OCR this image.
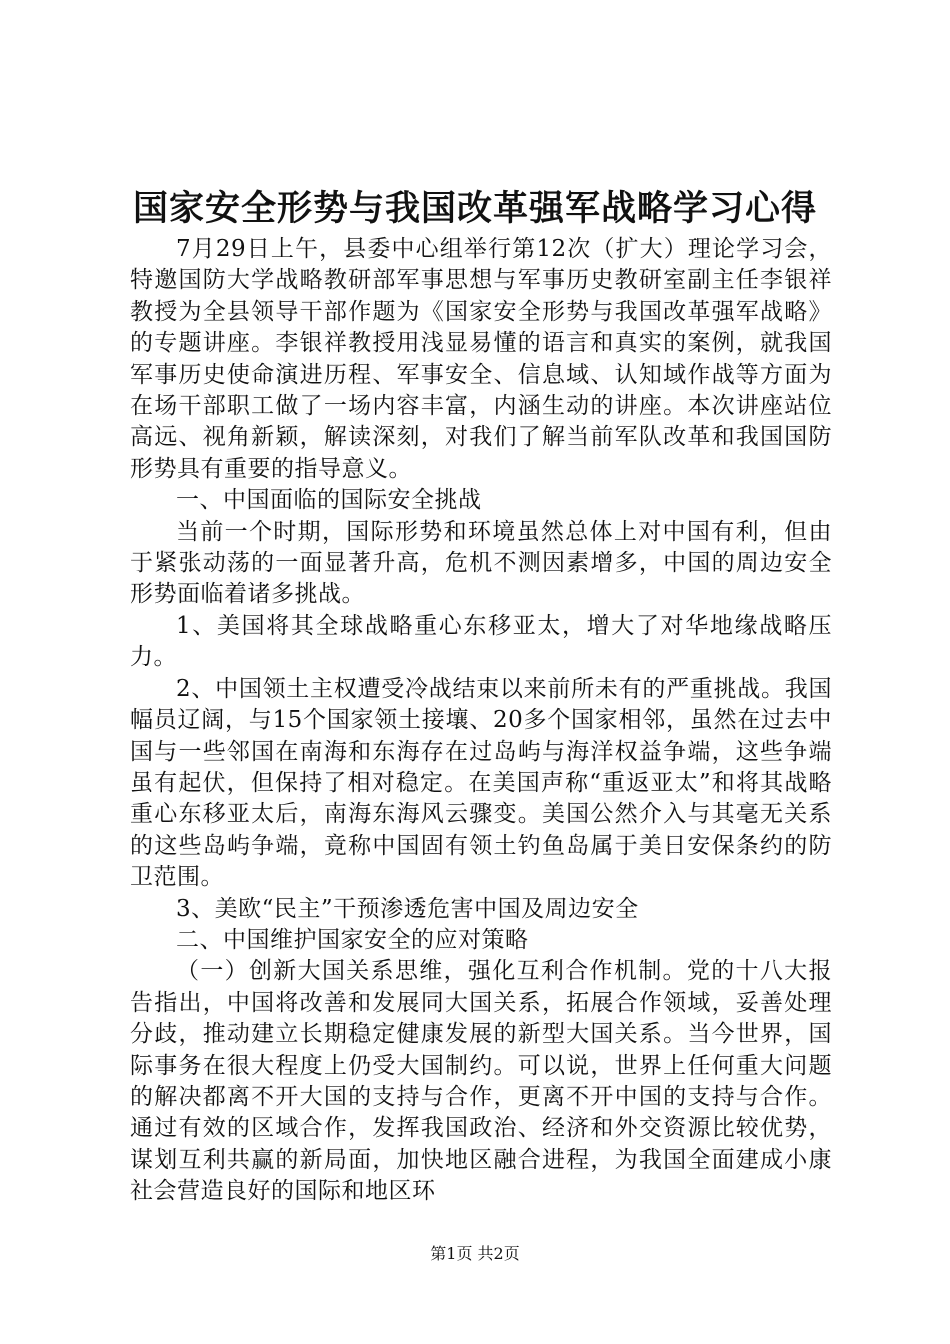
国家安全形势与我国改革强军战略学习心得

7月29日上午，县委中心组举行第12次（扩大）理论学习会，特邀国防大学战略教研部军事思想与军事历史教研室副主任李银祥教授为全县领导干部作题为《国家安全形势与我国改革强军战略》的专题讲座。李银祥教授用浅显易懂的语言和真实的案例，就我国军事历史使命演进历程、军事安全、信息域、认知域作战等方面为在场干部职工做了一场内容丰富，内涵生动的讲座。本次讲座站位高远、视角新颖，解读深刻，对我们了解当前军队改革和我国国防形势具有重要的指导意义。

一、中国面临的国际安全挑战

当前一个时期，国际形势和环境虽然总体上对中国有利，但由于紧张动荡的一面显著升高，危机不测因素增多，中国的周边安全形势面临着诸多挑战。

1、美国将其全球战略重心东移亚太，增大了对华地缘战略压力。

2、中国领土主权遭受冷战结束以来前所未有的严重挑战。我国幅员辽阔，与15个国家领土接壤、20多个国家相邻，虽然在过去中国与一些邻国在南海和东海存在过岛屿与海洋权益争端，这些争端虽有起伏，但保持了相对稳定。在美国声称“重返亚太”和将其战略重心东移亚太后，南海东海风云骤变。美国公然介入与其毫无关系的这些岛屿争端，竟称中国固有领土钓鱼岛属于美日安保条约的防卫范围。

3、美欧“民主”干预渗透危害中国及周边安全

二、中国维护国家安全的应对策略

（一）创新大国关系思维，强化互利合作机制。党的十八大报告指出，中国将改善和发展同大国关系，拓展合作领域，妥善处理分歧，推动建立长期稳定健康发展的新型大国关系。当今世界，国际事务在很大程度上仍受大国制约。可以说，世界上任何重大问题的解决都离不开大国的支持与合作，更离不开中国的支持与合作。通过有效的区域合作，发挥我国政治、经济和外交资源比较优势，谋划互利共赢的新局面，加快地区融合进程，为我国全面建成小康社会营造良好的国际和地区环

第1页 共2页
